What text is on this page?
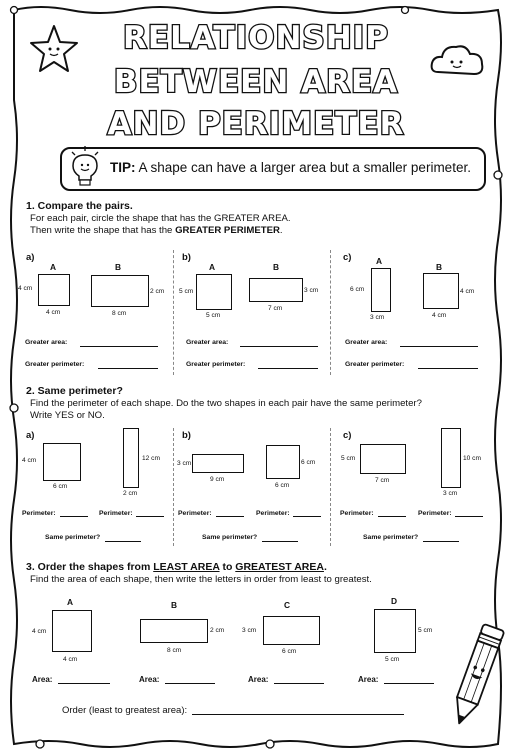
RELATIONSHIP
BETWEEN AREA
AND PERIMETER
TIP: A shape can have a larger area but a smaller perimeter.
1. Compare the pairs.
For each pair, circle the shape that has the GREATER AREA.
Then write the shape that has the GREATER PERIMETER.
a)
A
4 cm
4 cm
B
2 cm
8 cm
Greater area:
Greater perimeter:
b)
A
5 cm
5 cm
B
3 cm
7 cm
Greater area:
Greater perimeter:
c)	A
6 cm
3 cm
B
4 cm
4 cm
Greater area:
Greater perimeter:
2. Same perimeter?
Find the perimeter of each shape. Do the two shapes in each pair have the same perimeter?
Write YES or NO.
a)
4 cm
6 cm
12 cm
2 cm
Perimeter:	Perimeter:
Same perimeter?
b)
3 cm
9 cm
6 cm
6 cm
Perimeter:	Perimeter:
Same perimeter?
c)
5 cm
7 cm
10 cm
3 cm
Perimeter:	Perimeter:
Same perimeter?
3. Order the shapes from LEAST AREA to GREATEST AREA.
Find the area of each shape, then write the letters in order from least to greatest.
A
4 cm
4 cm
B
2 cm
8 cm
C
3 cm
6 cm
D
5 cm
5 cm
Area:	Area:	Area:	Area:
Order (least to greatest area):
